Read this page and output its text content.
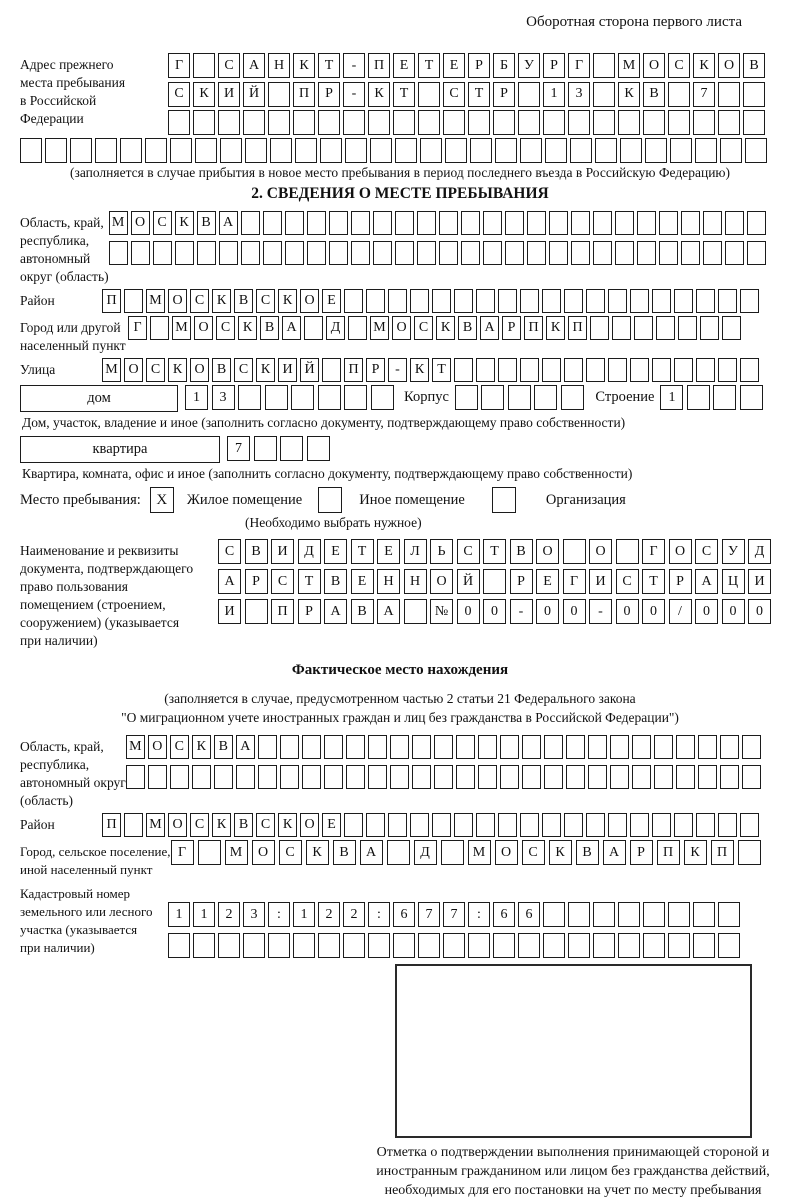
Оборотная сторона первого листа
Адрес прежнего
места пребывания
в Российской
Федерации
Г	С	А	Н	К	Т	-	П	Е	Т	Е	Р	Б	У	Р	Г	М О	С	К	О	В
С	К	И	Й	П	Р	-	К	Т	С	Т	Р	1	3	К	В	7
(заполняется в случае прибытия в новое место пребывания в период последнего въезда в Российскую Федерацию)
2. СВЕДЕНИЯ О МЕСТЕ ПРЕБЫВАНИЯ
Область, край,
республика,
автономный
округ (область)
М О С К В А
Район	П	М О С К В С К О Е
Город или другой
населенный пункт
Г	М О С К В А	Д	М О С К В А Р П К П
Улица	М О С К О В С К И Й	П Р	-	К Т
дом	1	3	Корпус	Строение	1
Дом, участок, владение и иное (заполнить согласно документу, подтверждающему право собственности)
квартира	7
Квартира, комната, офис и иное (заполнить согласно документу, подтверждающему право собственности)
Место пребывания:	X	Жилое помещение	Иное помещение	Организация
(Необходимо выбрать нужное)
Наименование и реквизиты
документа, подтверждающего
право пользования
помещением (строением,
сооружением) (указывается
при наличии)
С	В	И	Д	Е	Т	Е	Л	Ь	С	Т	В	О	О	Г	О	С	У	Д
А	Р	С	Т	В	Е	Н	Н	О	Й	Р	Е	Г	И	С	Т	Р	А	Ц	И
И	П	Р	А	В	А	№	0	0	-	0	0	-	0	0	/	0	0	0
Фактическое место нахождения
(заполняется в случае, предусмотренном частью 2 статьи 21 Федерального закона
"О миграционном учете иностранных граждан и лиц без гражданства в Российской Федерации")
Область, край,
республика,
автономный округ
(область)
М О С К В А
Район	П	М О С К В С К О Е
Город, сельское поселение,
иной населенный пункт
Г	М	О	С	К	В	А	Д	М	О	С	К	В	А	Р	П	К	П
Кадастровый номер
земельного или лесного
участка (указывается
при наличии)
1	1	2	3	:	1	2	2	:	6	7	7	:	6	6
Отметка о подтверждении выполнения принимающей стороной и иностранным гражданином или лицом без гражданства действий, необходимых для его постановки на учет по месту пребывания
